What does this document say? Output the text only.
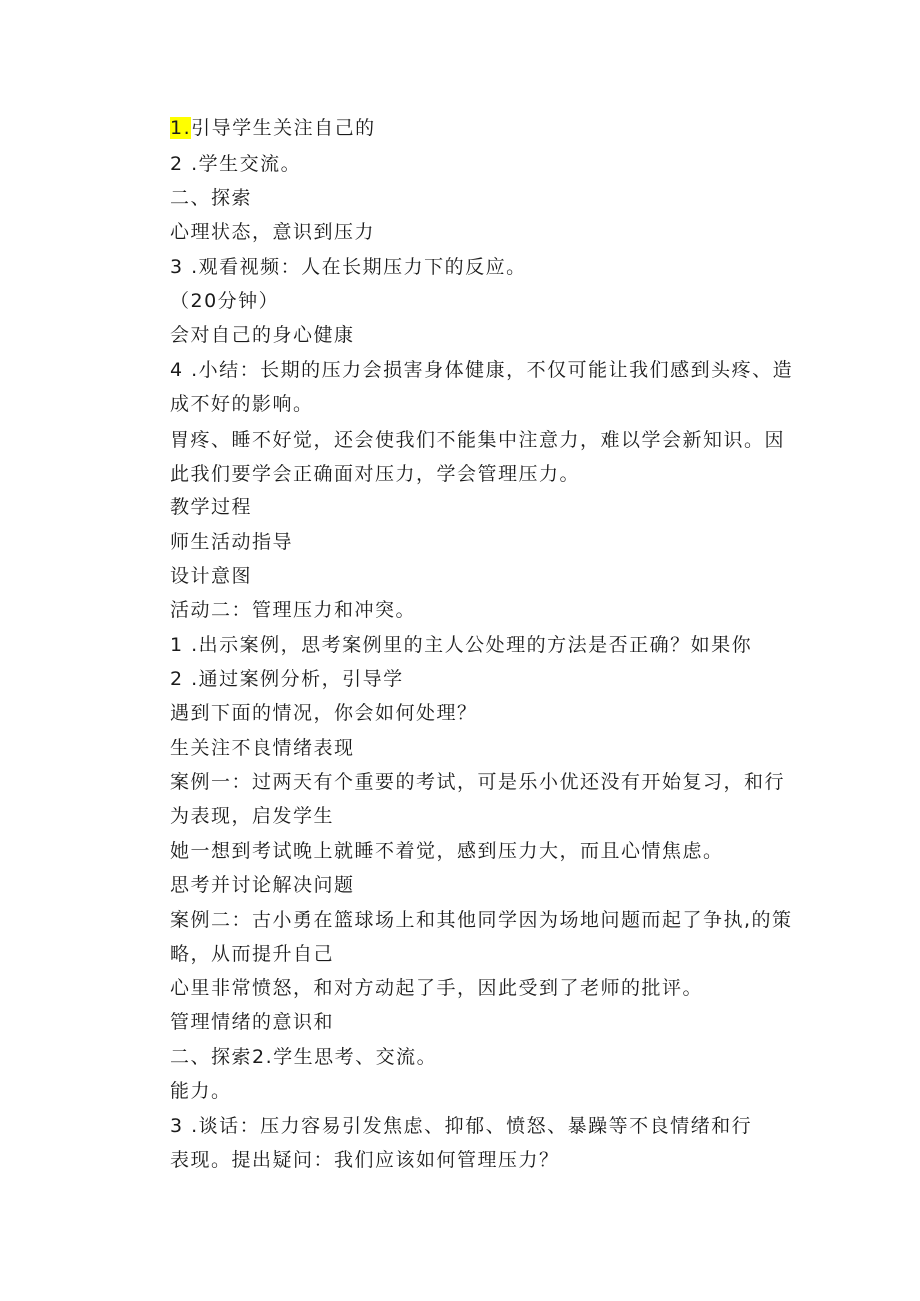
1.引导学生关注自己的
2 .学生交流。
二、探索
心理状态，意识到压力
3 .观看视频：人在长期压力下的反应。
（20分钟）
会对自己的身心健康
4 .小结：长期的压力会损害身体健康，不仅可能让我们感到头疼、造
成不好的影响。
胃疼、睡不好觉，还会使我们不能集中注意力，难以学会新知识。因
此我们要学会正确面对压力，学会管理压力。
教学过程
师生活动指导
设计意图
活动二：管理压力和冲突。
1 .出示案例，思考案例里的主人公处理的方法是否正确？如果你
2 .通过案例分析，引导学
遇到下面的情况，你会如何处理？
生关注不良情绪表现
案例一：过两天有个重要的考试，可是乐小优还没有开始复习，和行
为表现，启发学生
她一想到考试晚上就睡不着觉，感到压力大，而且心情焦虑。
思考并讨论解决问题
案例二：古小勇在篮球场上和其他同学因为场地问题而起了争执,的策
略，从而提升自己
心里非常愤怒，和对方动起了手，因此受到了老师的批评。
管理情绪的意识和
二、探索2.学生思考、交流。
能力。
3 .谈话：压力容易引发焦虑、抑郁、愤怒、暴躁等不良情绪和行
表现。提出疑问：我们应该如何管理压力？
